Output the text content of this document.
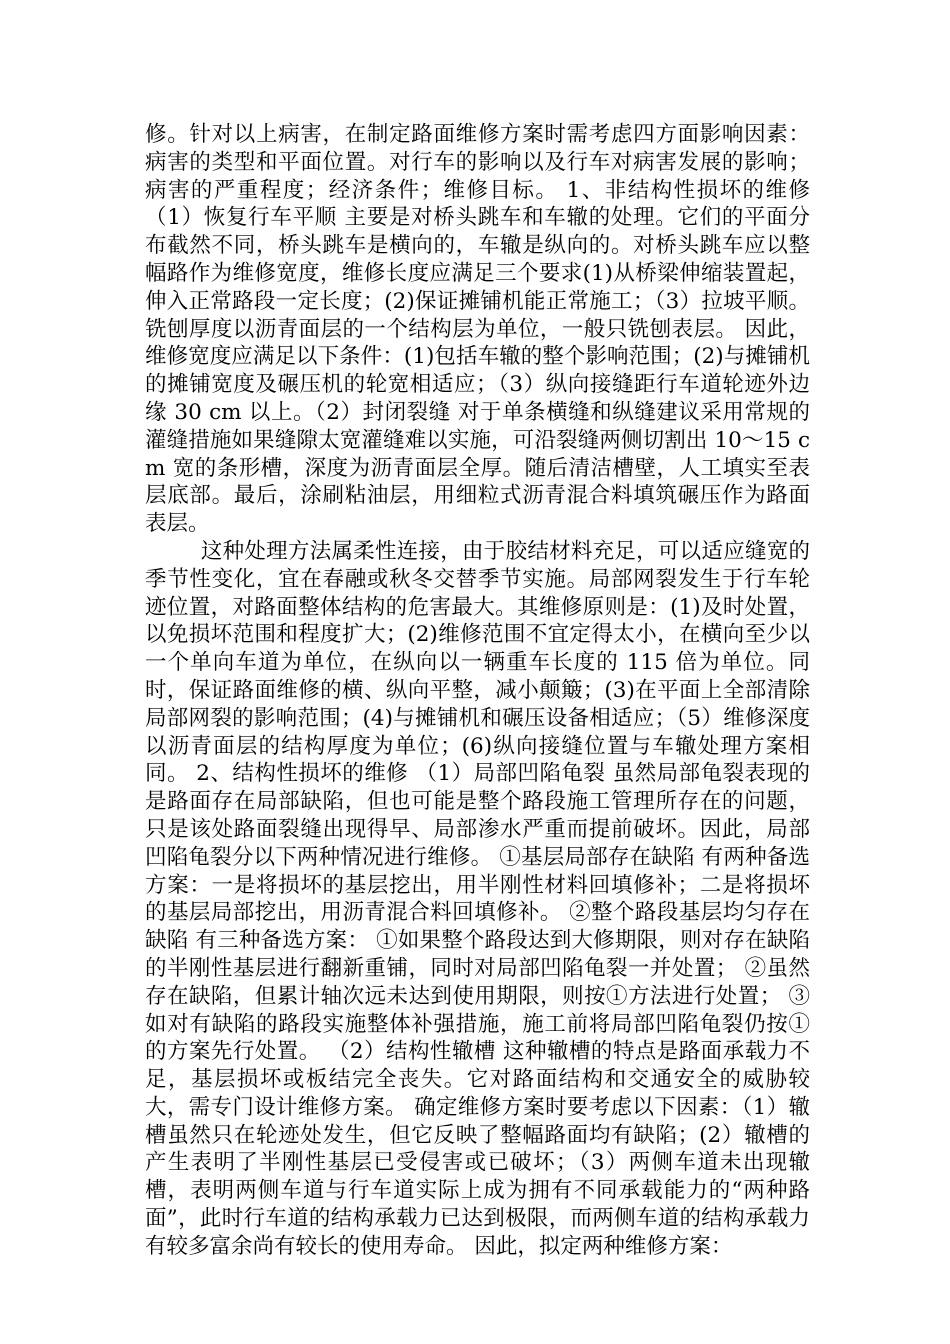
修。针对以上病害，在制定路面维修方案时需考虑四方面影响因素：病害的类型和平面位置。对行车的影响以及行车对病害发展的影响；病害的严重程度；经济条件；维修目标。 1、非结构性损坏的维修 （1）恢复行车平顺 主要是对桥头跳车和车辙的处理。它们的平面分布截然不同，桥头跳车是横向的，车辙是纵向的。对桥头跳车应以整幅路作为维修宽度，维修长度应满足三个要求(1)从桥梁伸缩装置起，伸入正常路段一定长度；(2)保证摊铺机能正常施工；（3）拉坡平顺。铣刨厚度以沥青面层的一个结构层为单位，一般只铣刨表层。 因此，维修宽度应满足以下条件：(1)包括车辙的整个影响范围；(2)与摊铺机的摊铺宽度及碾压机的轮宽相适应；（3）纵向接缝距行车道轮迹外边缘 30 cm 以上。（2）封闭裂缝 对于单条横缝和纵缝建议采用常规的灌缝措施如果缝隙太宽灌缝难以实施，可沿裂缝两侧切割出 10～15 cm 宽的条形槽，深度为沥青面层全厚。随后清洁槽壁，人工填实至表层底部。最后，涂刷粘油层，用细粒式沥青混合料填筑碾压作为路面表层。

这种处理方法属柔性连接，由于胶结材料充足，可以适应缝宽的季节性变化，宜在春融或秋冬交替季节实施。局部网裂发生于行车轮迹位置，对路面整体结构的危害最大。其维修原则是：(1)及时处置，以免损坏范围和程度扩大；(2)维修范围不宜定得太小，在横向至少以一个单向车道为单位，在纵向以一辆重车长度的 115 倍为单位。同时，保证路面维修的横、纵向平整，减小颠簸；(3)在平面上全部清除局部网裂的影响范围；(4)与摊铺机和碾压设备相适应；（5）维修深度以沥青面层的结构厚度为单位；(6)纵向接缝位置与车辙处理方案相同。 2、结构性损坏的维修 （1）局部凹陷龟裂 虽然局部龟裂表现的是路面存在局部缺陷，但也可能是整个路段施工管理所存在的问题，只是该处路面裂缝出现得早、局部渗水严重而提前破坏。因此，局部凹陷龟裂分以下两种情况进行维修。 ①基层局部存在缺陷 有两种备选方案：一是将损坏的基层挖出，用半刚性材料回填修补；二是将损坏的基层局部挖出，用沥青混合料回填修补。 ②整个路段基层均匀存在缺陷 有三种备选方案： ①如果整个路段达到大修期限，则对存在缺陷的半刚性基层进行翻新重铺，同时对局部凹陷龟裂一并处置； ②虽然存在缺陷，但累计轴次远未达到使用期限，则按①方法进行处置； ③如对有缺陷的路段实施整体补强措施，施工前将局部凹陷龟裂仍按①的方案先行处置。 （2）结构性辙槽 这种辙槽的特点是路面承载力不足，基层损坏或板结完全丧失。它对路面结构和交通安全的威胁较大，需专门设计维修方案。 确定维修方案时要考虑以下因素：（1）辙槽虽然只在轮迹处发生，但它反映了整幅路面均有缺陷；(2）辙槽的产生表明了半刚性基层已受侵害或已破坏；（3）两侧车道未出现辙槽，表明两侧车道与行车道实际上成为拥有不同承载能力的“两种路面”，此时行车道的结构承载力已达到极限，而两侧车道的结构承载力有较多富余尚有较长的使用寿命。 因此，拟定两种维修方案：
